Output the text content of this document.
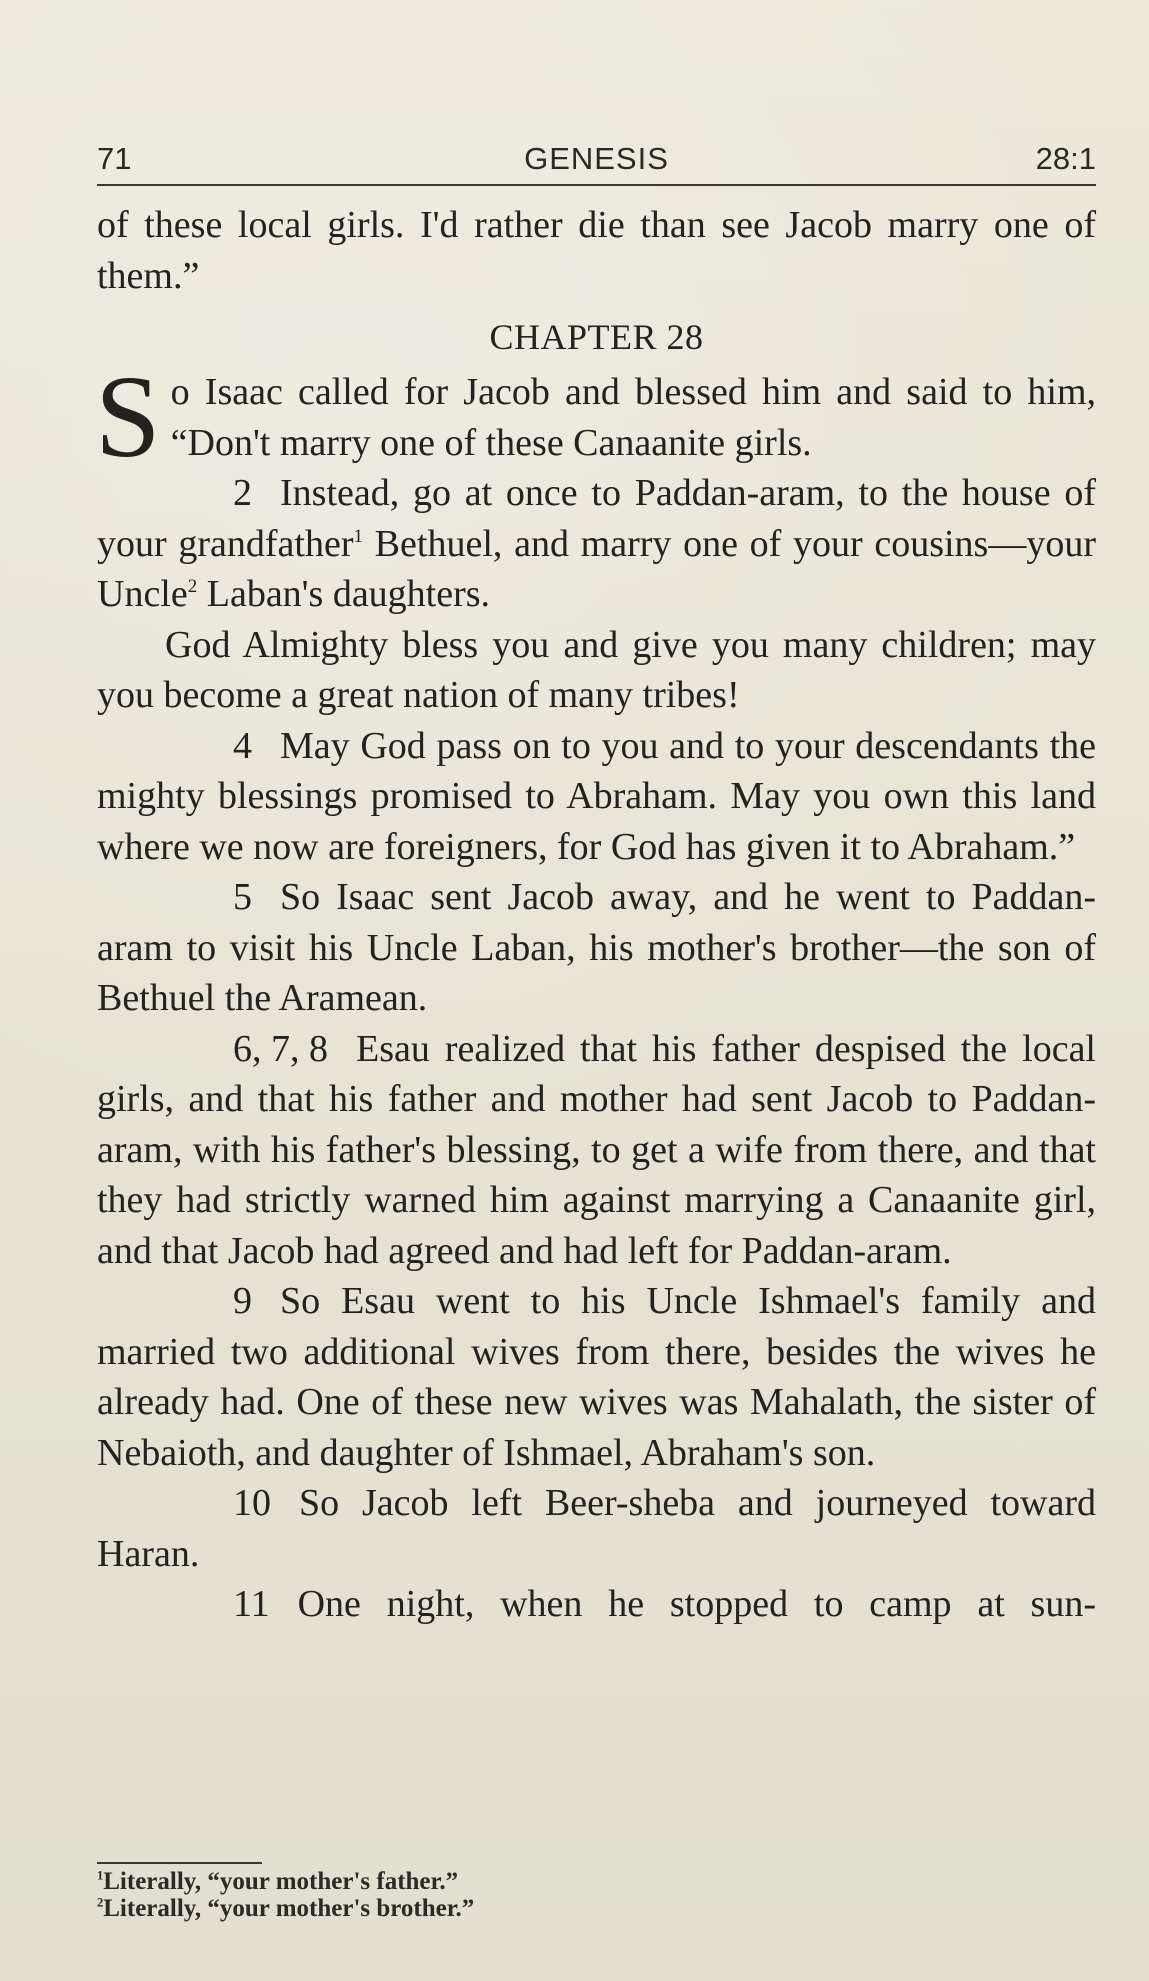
71	GENESIS	28:1

of these local girls. I'd rather die than see Jacob marry one of them.”

CHAPTER 28

So Isaac called for Jacob and blessed him and said to him, “Don't marry one of these Canaanite girls.

2 Instead, go at once to Paddan-aram, to the house of your grandfather$^1$ Bethuel, and marry one of your cousins—your Uncle$^2$ Laban's daughters.

God Almighty bless you and give you many children; may you become a great nation of many tribes!

4 May God pass on to you and to your descendants the mighty blessings promised to Abraham. May you own this land where we now are foreigners, for God has given it to Abraham.”

5 So Isaac sent Jacob away, and he went to Paddan-aram to visit his Uncle Laban, his mother's brother—the son of Bethuel the Aramean.

6, 7, 8 Esau realized that his father despised the local girls, and that his father and mother had sent Jacob to Paddan-aram, with his father's blessing, to get a wife from there, and that they had strictly warned him against marrying a Canaanite girl, and that Jacob had agreed and had left for Paddan-aram.

9 So Esau went to his Uncle Ishmael's family and married two additional wives from there, besides the wives he already had. One of these new wives was Mahalath, the sister of Nebaioth, and daughter of Ishmael, Abraham's son.

10 So Jacob left Beer-sheba and journeyed toward Haran.

11 One night, when he stopped to camp at sun-

$^1$Literally, “your mother's father.”
$^2$Literally, “your mother's brother.”
